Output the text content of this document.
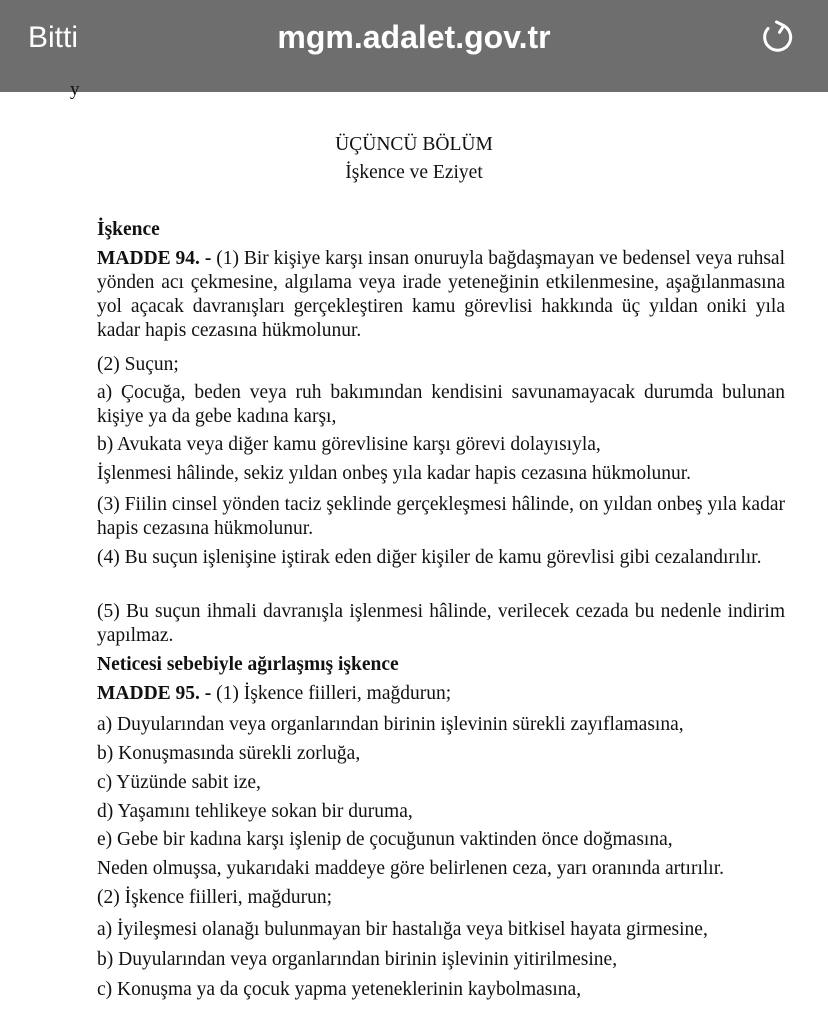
Bitti	mgm.adalet.gov.tr
y
ÜÇÜNCÜ BÖLÜM
İşkence ve Eziyet
İşkence
MADDE 94. - (1) Bir kişiye karşı insan onuruyla bağdaşmayan ve bedensel veya ruhsal yönden acı çekmesine, algılama veya irade yeteneğinin etkilenmesine, aşağılanmasına yol açacak davranışları gerçekleştiren kamu görevlisi hakkında üç yıldan oniki yıla kadar hapis cezasına hükmolunur.
(2) Suçun;
a) Çocuğa, beden veya ruh bakımından kendisini savunamayacak durumda bulunan kişiye ya da gebe kadına karşı,
b) Avukata veya diğer kamu görevlisine karşı görevi dolayısıyla,
İşlenmesi hâlinde, sekiz yıldan onbeş yıla kadar hapis cezasına hükmolunur.
(3) Fiilin cinsel yönden taciz şeklinde gerçekleşmesi hâlinde, on yıldan onbeş yıla kadar hapis cezasına hükmolunur.
(4) Bu suçun işlenişine iştirak eden diğer kişiler de kamu görevlisi gibi cezalandırılır.
(5) Bu suçun ihmali davranışla işlenmesi hâlinde, verilecek cezada bu nedenle indirim yapılmaz.
Neticesi sebebiyle ağırlaşmış işkence
MADDE 95. - (1) İşkence fiilleri, mağdurun;
a) Duyularından veya organlarından birinin işlevinin sürekli zayıflamasına,
b) Konuşmasında sürekli zorluğa,
c) Yüzünde sabit ize,
d) Yaşamını tehlikeye sokan bir duruma,
e) Gebe bir kadına karşı işlenip de çocuğunun vaktinden önce doğmasına,
Neden olmuşsa, yukarıdaki maddeye göre belirlenen ceza, yarı oranında artırılır.
(2) İşkence fiilleri, mağdurun;
a) İyileşmesi olanağı bulunmayan bir hastalığa veya bitkisel hayata girmesine,
b) Duyularından veya organlarından birinin işlevinin yitirilmesine,
c) Konuşma ya da çocuk yapma yeteneklerinin kaybolmasına,
